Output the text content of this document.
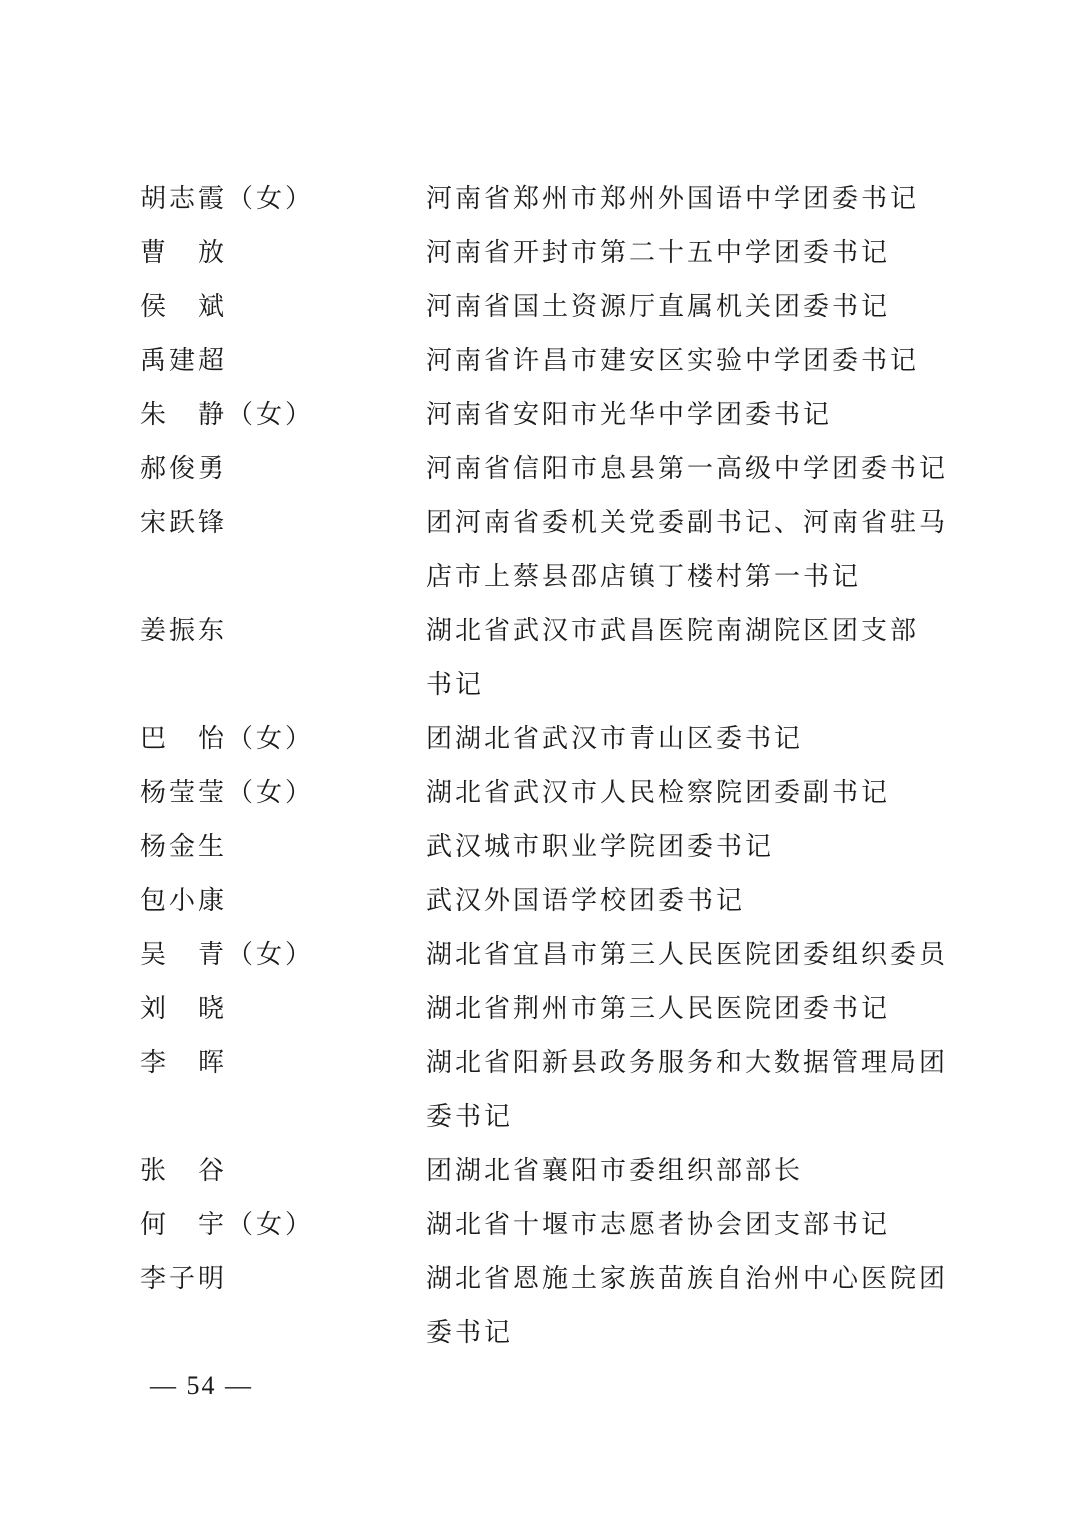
胡志霞（女）	河南省郑州市郑州外国语中学团委书记
曹　放	河南省开封市第二十五中学团委书记
侯　斌	河南省国土资源厅直属机关团委书记
禹建超	河南省许昌市建安区实验中学团委书记
朱　静（女）	河南省安阳市光华中学团委书记
郝俊勇	河南省信阳市息县第一高级中学团委书记
宋跃锋	团河南省委机关党委副书记、河南省驻马
店市上蔡县邵店镇丁楼村第一书记
姜振东	湖北省武汉市武昌医院南湖院区团支部
书记
巴　怡（女）	团湖北省武汉市青山区委书记
杨莹莹（女）	湖北省武汉市人民检察院团委副书记
杨金生	武汉城市职业学院团委书记
包小康	武汉外国语学校团委书记
吴　青（女）	湖北省宜昌市第三人民医院团委组织委员
刘　晓	湖北省荆州市第三人民医院团委书记
李　晖	湖北省阳新县政务服务和大数据管理局团
委书记
张　谷	团湖北省襄阳市委组织部部长
何　宇（女）	湖北省十堰市志愿者协会团支部书记
李子明	湖北省恩施土家族苗族自治州中心医院团
委书记
— 54 —
